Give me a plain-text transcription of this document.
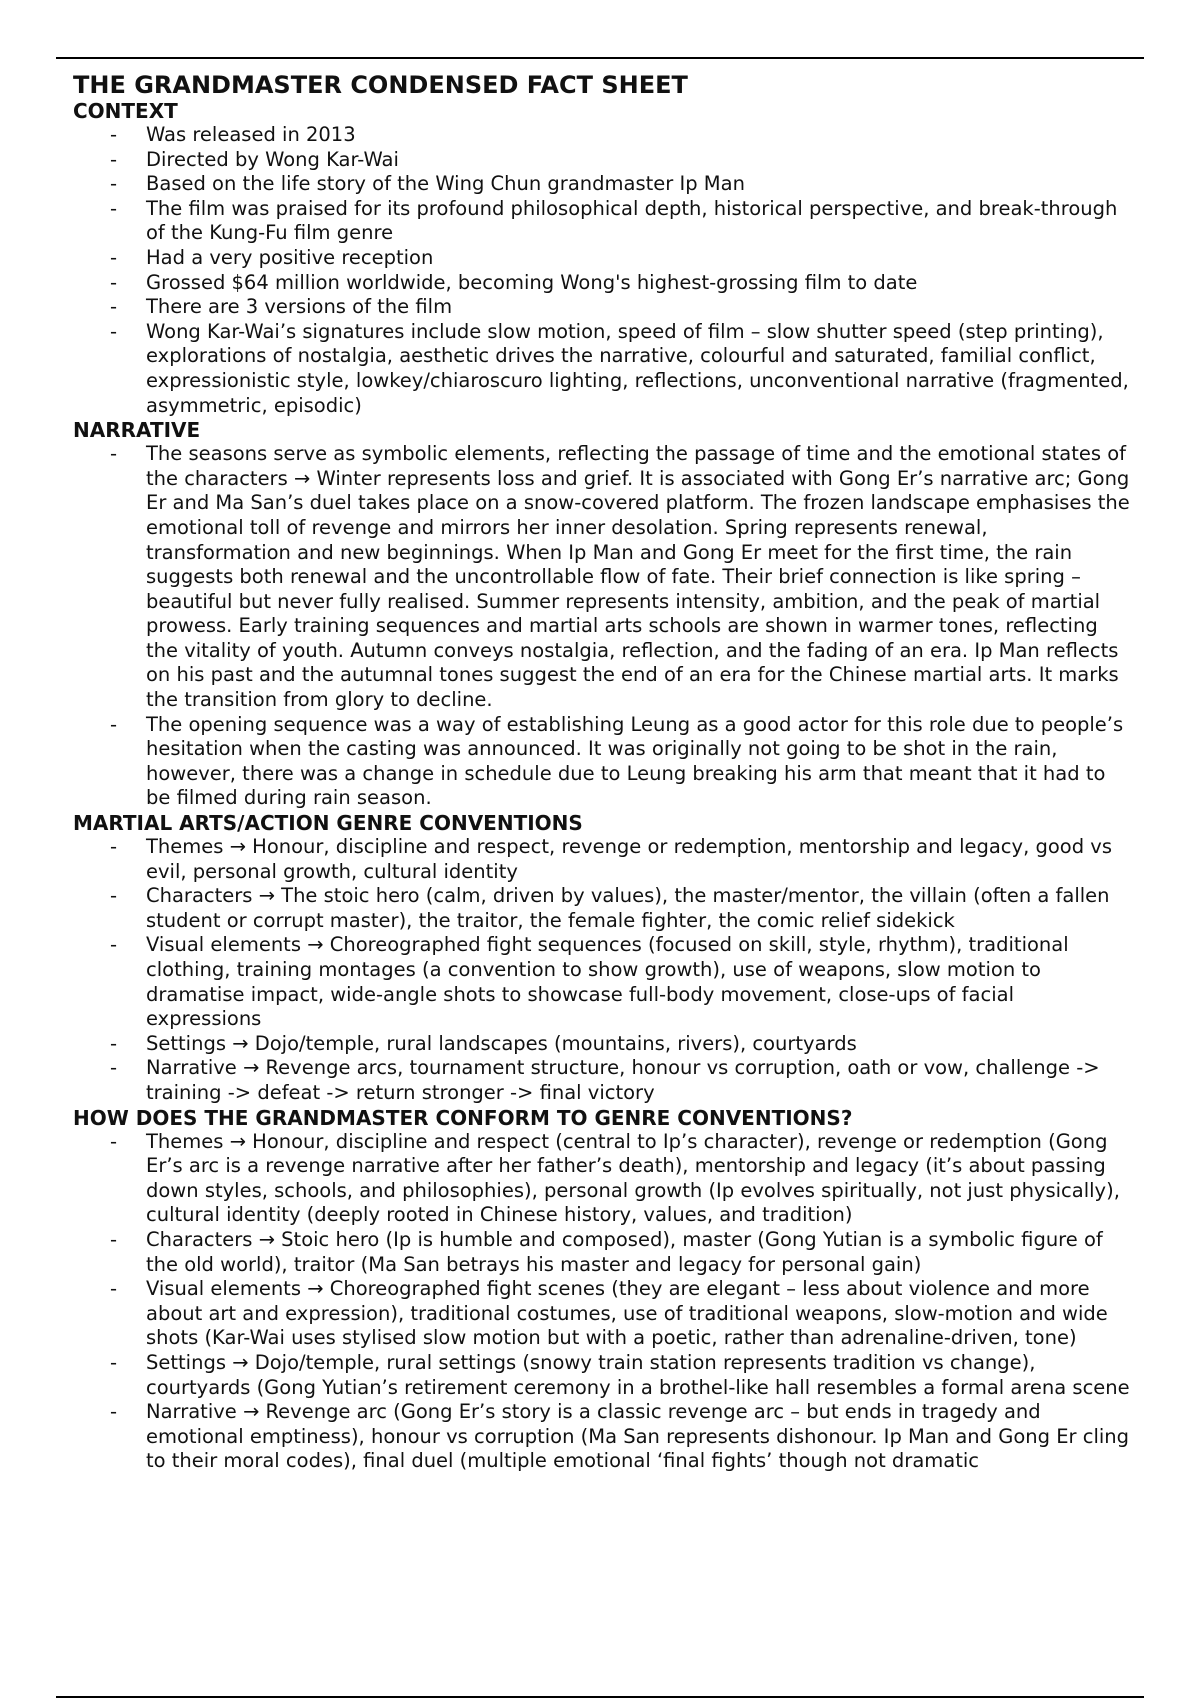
THE GRANDMASTER CONDENSED FACT SHEET
CONTEXT
- Was released in 2013
- Directed by Wong Kar-Wai
- Based on the life story of the Wing Chun grandmaster Ip Man
- The film was praised for its profound philosophical depth, historical perspective, and break-through of the Kung-Fu film genre
- Had a very positive reception
- Grossed $64 million worldwide, becoming Wong's highest-grossing film to date
- There are 3 versions of the film
- Wong Kar-Wai’s signatures include slow motion, speed of film – slow shutter speed (step printing), explorations of nostalgia, aesthetic drives the narrative, colourful and saturated, familial conflict, expressionistic style, lowkey/chiaroscuro lighting, reflections, unconventional narrative (fragmented, asymmetric, episodic)
NARRATIVE
- The seasons serve as symbolic elements, reflecting the passage of time and the emotional states of the characters → Winter represents loss and grief. It is associated with Gong Er’s narrative arc; Gong Er and Ma San’s duel takes place on a snow-covered platform. The frozen landscape emphasises the emotional toll of revenge and mirrors her inner desolation. Spring represents renewal, transformation and new beginnings. When Ip Man and Gong Er meet for the first time, the rain suggests both renewal and the uncontrollable flow of fate. Their brief connection is like spring – beautiful but never fully realised. Summer represents intensity, ambition, and the peak of martial prowess. Early training sequences and martial arts schools are shown in warmer tones, reflecting the vitality of youth. Autumn conveys nostalgia, reflection, and the fading of an era. Ip Man reflects on his past and the autumnal tones suggest the end of an era for the Chinese martial arts. It marks the transition from glory to decline.
- The opening sequence was a way of establishing Leung as a good actor for this role due to people’s hesitation when the casting was announced. It was originally not going to be shot in the rain, however, there was a change in schedule due to Leung breaking his arm that meant that it had to be filmed during rain season.
MARTIAL ARTS/ACTION GENRE CONVENTIONS
- Themes → Honour, discipline and respect, revenge or redemption, mentorship and legacy, good vs evil, personal growth, cultural identity
- Characters → The stoic hero (calm, driven by values), the master/mentor, the villain (often a fallen student or corrupt master), the traitor, the female fighter, the comic relief sidekick
- Visual elements → Choreographed fight sequences (focused on skill, style, rhythm), traditional clothing, training montages (a convention to show growth), use of weapons, slow motion to dramatise impact, wide-angle shots to showcase full-body movement, close-ups of facial expressions
- Settings → Dojo/temple, rural landscapes (mountains, rivers), courtyards
- Narrative → Revenge arcs, tournament structure, honour vs corruption, oath or vow, challenge -> training -> defeat -> return stronger -> final victory
HOW DOES THE GRANDMASTER CONFORM TO GENRE CONVENTIONS?
- Themes → Honour, discipline and respect (central to Ip’s character), revenge or redemption (Gong Er’s arc is a revenge narrative after her father’s death), mentorship and legacy (it’s about passing down styles, schools, and philosophies), personal growth (Ip evolves spiritually, not just physically), cultural identity (deeply rooted in Chinese history, values, and tradition)
- Characters → Stoic hero (Ip is humble and composed), master (Gong Yutian is a symbolic figure of the old world), traitor (Ma San betrays his master and legacy for personal gain)
- Visual elements → Choreographed fight scenes (they are elegant – less about violence and more about art and expression), traditional costumes, use of traditional weapons, slow-motion and wide shots (Kar-Wai uses stylised slow motion but with a poetic, rather than adrenaline-driven, tone)
- Settings → Dojo/temple, rural settings (snowy train station represents tradition vs change), courtyards (Gong Yutian’s retirement ceremony in a brothel-like hall resembles a formal arena scene
- Narrative → Revenge arc (Gong Er’s story is a classic revenge arc – but ends in tragedy and emotional emptiness), honour vs corruption (Ma San represents dishonour. Ip Man and Gong Er cling to their moral codes), final duel (multiple emotional ‘final fights’ though not dramatic
